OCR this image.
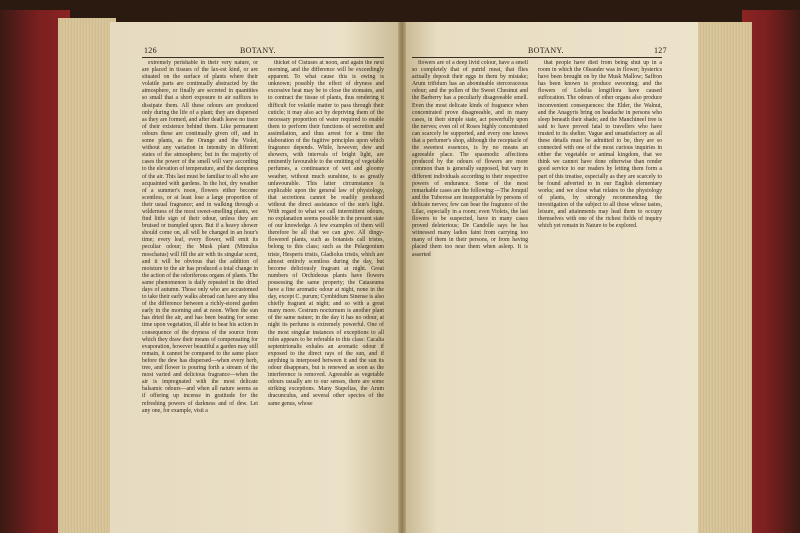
126	BOTANY.

extremely perishable in their very nature, or are placed in tissues of the lax-est kind, or are situated on the surface of plants where their volatile parts are continually abstracted by the atmosphere, or finally are secreted in quantities so small that a short exposure to air suffices to dissipate them. All these odours are produced only during the life of a plant; they are dispersed as they are formed, and after death leave no trace of their existence behind them. Like permanent odours these are continually given off, and in some plants, as the Orange and the Violet, without any variation in intensity in different states of the atmosphere; but in the majority of cases the power of the smell will vary according to the elevation of temperature, and the dampness of the air. This last must be familiar to all who are acquainted with gardens. In the hot, dry weather of a summer's noon, flowers either become scentless, or at least lose a large proportion of their usual fragrance; and in walking through a wilderness of the most sweet-smelling plants, we find little sign of their odour, unless they are bruised or trampled upon. But if a heavy shower should come on, all will be changed in an hour's time; every leaf, every flower, will emit its peculiar odour; the Musk plant (Mimulus moschatus) will fill the air with its singular scent, and it will be obvious that the addition of moisture to the air has produced a total change in the action of the odoriferous organs of plants. The same phenomenon is daily repeated in the dried days of autumn. Those only who are accustomed to take their early walks abroad can have any idea of the difference between a richly-stored garden early in the morning and at noon. When the sun has dried the air, and has been beating for some time upon vegetation, ill able to bear his action in consequence of the dryness of the source from which they draw their means of compensating for evaporation, however beautiful a garden may still remain, it cannot be compared to the same place before the dew has dispersed—when every herb, tree, and flower is pouring forth a stream of the most varied and delicious fragrance—when the air is impregnated with the most delicate balsamic odours—and when all nature seems as if offering up incense in gratitude for the refreshing powers of darkness and of dew. Let any one, for example, visit a

thicket of Cistuses at noon, and again the next morning, and the difference will be exceedingly apparent. To what cause this is owing is unknown; possibly the effect of dryness and excessive heat may be to close the stomates, and to contract the tissue of plants, thus rendering it difficult for volatile matter to pass through their cuticle; it may also act by depriving them of the necessary proportion of water required to enable them to perform their functions of secretion and assimilation, and thus arrest for a time the elaboration of the fugitive principles upon which fragrance depends. While, however, dew and showers, with intervals of bright light, are eminently favourable to the emitting of vegetable perfumes, a continuance of wet and gloomy weather, without much sunshine, is as greatly unfavourable. This latter circumstance is explicable upon the general law of physiology, that secretions cannot be readily produced without the direct assistance of the sun's light. With regard to what we call intermittent odours, no explanation seems possible in the present state of our knowledge. A few examples of them will therefore be all that we can give. All dingy-flowered plants, such as botanists call tristes, belong to this class; such as the Pelargonium triste, Hesperis tristis, Gladiolus tristis, which are almost entirely scentless during the day, but become deliciously fragrant at night. Great numbers of Orchideous plants have flowers possessing the same property; the Cataseums have a fine aromatic odour at night, none in the day, except C. purum; Cymbidium Sinense is also chiefly fragrant at night; and so with a great many more. Cestrum nocturnum is another plant of the same nature; in the day it has no odour, at night its perfume is extremely powerful. One of the most singular instances of exceptions to all rules appears to be referable to this class: Cacalia septentrionalis exhales an aromatic odour if exposed to the direct rays of the sun, and if anything is interposed between it and the sun its odour disappears, but is renewed as soon as the interference is removed. Agreeable as vegetable odours usually are to our senses, there are some striking exceptions. Many Stapelias, the Arum dracunculus, and several other species of the same genus, whose

BOTANY.	127

flowers are of a deep livid colour, have a smell so completely that of putrid meat, that flies actually deposit their eggs in them by mistake; Arum trifidum has an abominable stercoraceous odour; and the pollen of the Sweet Chestnut and the Barberry has a peculiarly disagreeable smell. Even the most delicate kinds of fragrance when concentrated prove disagreeable, and in many cases, in their simple state, act powerfully upon the nerves; even oil of Roses highly concentrated can scarcely be supported, and every one knows that a perfumer's shop, although the receptacle of the sweetest essences, is by no means an agreeable place. The spasmodic affections produced by the odours of flowers are more common than is generally supposed, but vary in different individuals according to their respective powers of endurance. Some of the most remarkable cases are the following:—The Jonquil and the Tuberose are insupportable by persons of delicate nerves; few can bear the fragrance of the Lilac, especially in a room; even Violets, the last flowers to be suspected, have in many cases proved deleterious; De Candolle says he has witnessed many ladies faint from carrying too many of them in their persons, or from having placed them too near them when asleep. It is asserted

that people have died from being shut up in a room in which the Oleander was in flower; hysterics have been brought on by the Musk Mallow; Saffron has been known to produce swooning; and the flowers of Lobelia longiflora have caused suffocation. The odours of other organs also produce inconvenient consequences: the Elder, the Walnut, and the Anagyris bring on headache in persons who sleep beneath their shade; and the Manchineel tree is said to have proved fatal to travellers who have trusted to its shelter. Vague and unsatisfactory as all these details must be admitted to be, they are so connected with one of the most curious inquiries in either the vegetable or animal kingdom, that we think we cannot have done otherwise than render good service to our readers by letting them form a part of this treatise, especially as they are scarcely to be found adverted to in our English elementary works; and we close what relates to the physiology of plants, by strongly recommending the investigation of the subject to all those whose tastes, leisure, and attainments may lead them to occupy themselves with one of the richest fields of inquiry which yet remain in Nature to be explored.
